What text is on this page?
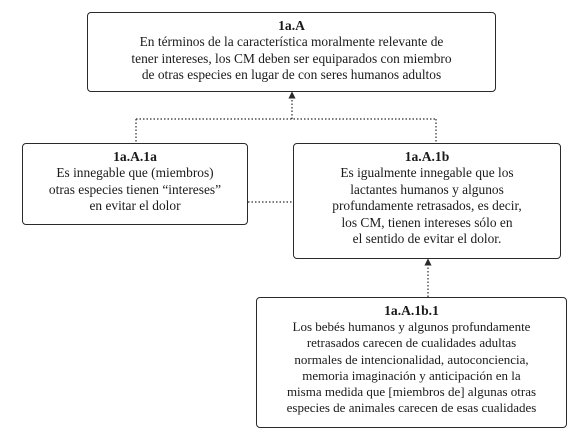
1a.A
En términos de la característica moralmente relevante de
tener intereses, los CM deben ser equiparados con miembro
de otras especies en lugar de con seres humanos adultos
1a.A.1a
Es innegable que (miembros)
otras especies tienen “intereses”
en evitar el dolor
1a.A.1b
Es igualmente innegable que los
lactantes humanos y algunos
profundamente retrasados, es decir,
los CM, tienen intereses sólo en
el sentido de evitar el dolor.
1a.A.1b.1
Los bebés humanos y algunos profundamente
retrasados carecen de cualidades adultas
normales de intencionalidad, autoconciencia,
memoria imaginación y anticipación en la
misma medida que [miembros de] algunas otras
especies de animales carecen de esas cualidades
